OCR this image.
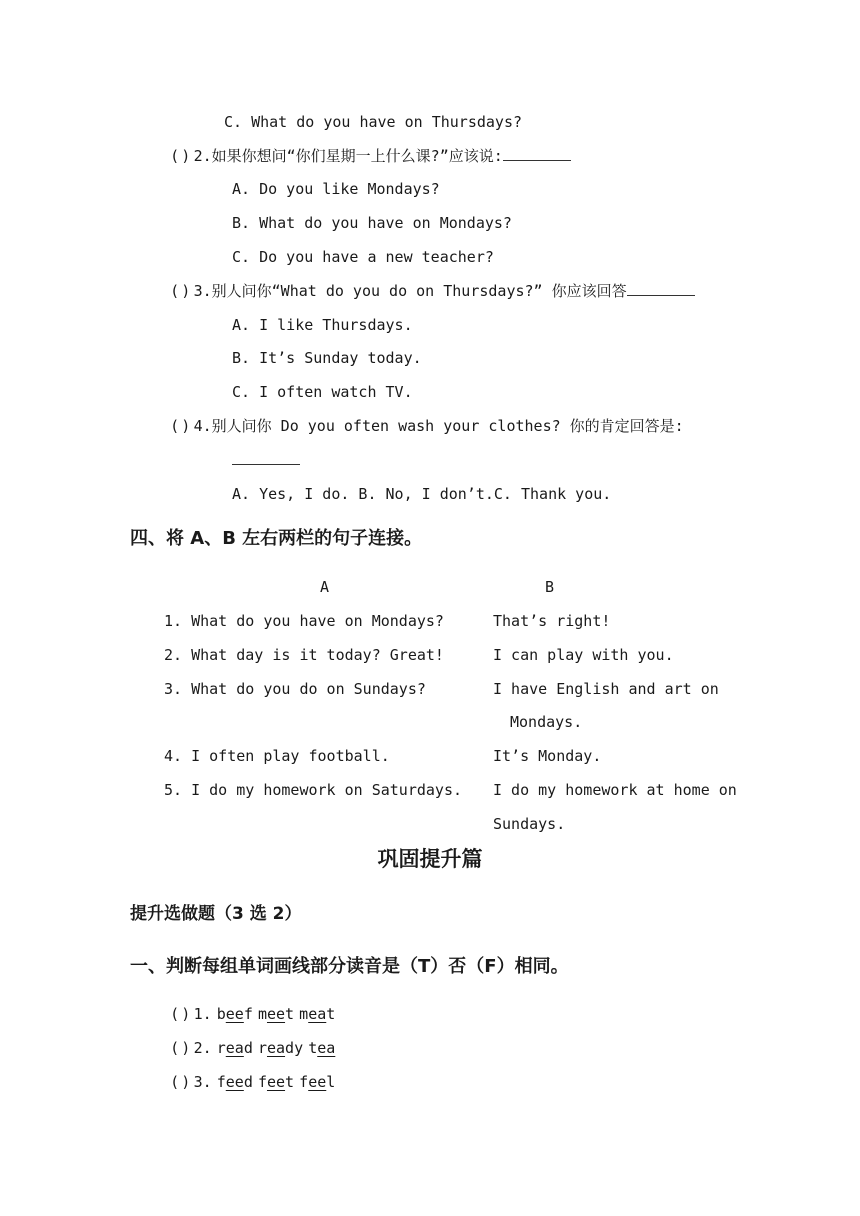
C. What do you have on Thursdays?
( ) 2.如果你想问“你们星期一上什么课?”应该说:
A. Do you like Mondays?
B. What do you have on Mondays?
C. Do you have a new teacher?
( ) 3.别人问你“What do you do on Thursdays?” 你应该回答
A. I like Thursdays.
B. It’s Sunday today.
C. I often watch TV.
( ) 4.别人问你 Do you often wash your clothes? 你的肯定回答是:
A. Yes, I do. B. No, I don’t.C. Thank you.
四、将 A、B 左右两栏的句子连接。
A	B
1. What do you have on Mondays?
2. What day is it today? Great!
3. What do you do on Sundays?
4. I often play football.
5. I do my homework on Saturdays.
That’s right!
I can play with you.
I have English and art on
Mondays.
It’s Monday.
I do my homework at home on
Sundays.
巩固提升篇
提升选做题（3 选 2）
一、判断每组单词画线部分读音是（T）否（F）相同。
( ) 1. beef meet meat
( ) 2. read ready tea
( ) 3. feed feet feel
